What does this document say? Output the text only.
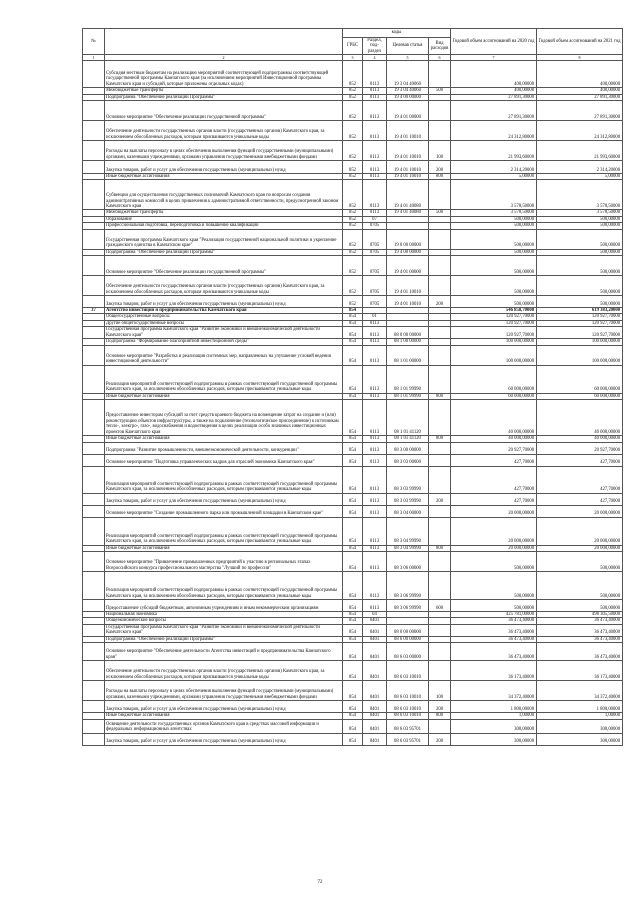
№		коды				Годовой объем ассигнований на 2020 год	Годовой объем ассигнований на 2021 год
		ГРБС	Раздел, под-раздел	Целевая статья	Вид расходов		
1	2	3	4	5	6	7	8
	Субсидия местным бюджетам на реализацию мероприятий соответствующей подпрограммы соответствующей государственной программы Камчатского края (за исключением мероприятий Инвестиционной программы Камчатского края и субсидий, которые приложены отдельных кодах)	852	0113	19 3 04 40060		400,00000	400,00000
	Межбюджетные трансферты	852	0113	19 3 04 40060	500	400,00000	400,00000
	Подпрограмма "Обеспечение реализации Программы"	852	0113	19 4 00 00000		27 891,30000	27 891,30000
	Основное мероприятие "Обеспечение реализации государственной программы"	852	0113	19 4 01 00000		27 891,30000	27 891,30000
	Обеспечение деятельности государственных органов власти (государственных органов) Камчатского края, за исключением обособленных расходов, которым присваиваются уникальные коды	852	0113	19 4 01 10010		24 312,80000	24 312,80000
	Расходы на выплаты персоналу в целях обеспечения выполнения функций государственными (муниципальными) органами, казенными учреждениями, органами управления государственными внебюджетными фондами	852	0113	19 4 01 10010	100	21 993,60000	21 993,60000
	Закупка товаров, работ и услуг для обеспечения государственных (муниципальных) нужд	852	0113	19 4 01 10010	200	2 314,20000	2 314,20000
	Иные бюджетные ассигнования	852	0113	19 4 01 10010	800	5,00000	5,00000
	Субвенции для осуществления государственных полномочий Камчатского края по вопросам создания административных комиссий в целях привлечения к административной ответственности, предусмотренной законом Камчатского края	852	0113	19 4 01 40080		3 578,50000	3 578,50000
	Межбюджетные трансферты	852	0113	19 4 01 40080	500	3 578,50000	3 578,50000
	Образование	852	07			500,00000	500,00000
	Профессиональная подготовка, переподготовка и повышение квалификации	852	0705			500,00000	500,00000
	Государственная программа Камчатского края "Реализация государственной национальной политики и укрепление гражданского единства в Камчатском крае"	852	0705	19 0 00 00000		500,00000	500,00000
	Подпрограмма "Обеспечение реализации Программы"	852	0705	19 4 00 00000		500,00000	500,00000
	Основное мероприятие "Обеспечение реализации государственной программы"	852	0705	19 4 01 00000		500,00000	500,00000
	Обеспечение деятельности государственных органов власти (государственных органов) Камчатского края, за исключением обособленных расходов, которым присваиваются уникальные коды	852	0705	19 4 01 10010		500,00000	500,00000
	Закупка товаров, работ и услуг для обеспечения государственных (муниципальных) нужд	852	0705	19 4 01 10010	200	500,00000	500,00000
37	Агентство инвестиций и предпринимательства Камчатского края	854				546 858,70000	619 383,20000
	Общегосударственные вопросы	854	01			120 927,70000	120 927,70000
	Другие общегосударственные вопросы	854	0113			120 927,70000	120 927,70000
	Государственная программа Камчатского края "Развитие экономики и внешнеэкономической деятельности Камчатского края"	854	0113	08 0 00 00000		120 927,70000	120 927,70000
	Подпрограмма "Формирование благоприятной инвестиционной среды"	854	0113	08 1 00 00000		100 000,00000	100 000,00000
	Основное мероприятие "Разработка и реализация системных мер, направленных на улучшение условий ведения инвестиционной деятельности"	854	0113	08 1 01 00000		100 000,00000	100 000,00000
	Реализация мероприятий соответствующей подпрограммы в рамках соответствующей государственной программы Камчатского края, за исключением обособленных расходов, которым присваиваются уникальные коды	854	0113	08 1 01 99990		60 000,00000	60 000,00000
	Иные бюджетные ассигнования	854	0113	08 1 01 99990	800	60 000,00000	60 000,00000
	Предоставление инвесторам субсидий за счет средств краевого бюджета на возмещение затрат на создание и (или) реконструкцию объектов инфраструктуры, а также на подключение (технологическое присоединение) к источникам тепло-, электро-, газо-, водоснабжения и водоотведения в целях реализации особо значимых инвестиционных проектов Камчатского края	854	0113	08 1 01 41120		40 000,00000	40 000,00000
	Иные бюджетные ассигнования	854	0113	08 1 01 41120	800	40 000,00000	40 000,00000
	Подпрограмма "Развитие промышленности, внешнеэкономической деятельности, конкуренции"	854	0113	08 3 00 00000		20 927,70000	20 927,70000
	Основное мероприятие "Подготовка управленческих кадров для отраслей экономики Камчатского края"	854	0113	08 3 03 00000		427,70000	427,70000
	Реализация мероприятий соответствующей подпрограммы в рамках соответствующей государственной программы Камчатского края, за исключением обособленных расходов, которым присваиваются уникальные коды	854	0113	08 3 03 99990		427,70000	427,70000
	Закупка товаров, работ и услуг для обеспечения государственных (муниципальных) нужд	854	0113	08 3 03 99990	200	427,70000	427,70000
	Основное мероприятие "Создание промышленного парка или промышленной площадки в Камчатском крае"	854	0113	08 3 04 00000		20 000,00000	20 000,00000
	Реализация мероприятий соответствующей подпрограммы в рамках соответствующей государственной программы Камчатского края, за исключением обособленных расходов, которым присваиваются уникальные коды	854	0113	08 3 04 99990		20 000,00000	20 000,00000
	Иные бюджетные ассигнования	854	0113	08 3 04 99990	800	20 000,00000	20 000,00000
	Основное мероприятие "Привлечение промышленных предприятий к участию в региональных этапах Всероссийского конкурса профессионального мастерства "Лучший по профессии"	854	0113	08 3 06 00000		500,00000	500,00000
	Реализация мероприятий соответствующей подпрограммы в рамках соответствующей государственной программы Камчатского края, за исключением обособленных расходов, которым присваиваются уникальные коды	854	0113	08 3 06 99990		500,00000	500,00000
	Предоставление субсидий бюджетным, автономным учреждениям и иным некоммерческим организациям	854	0113	08 3 06 99990	600	500,00000	500,00000
	Национальная экономика	854	04			425 781,00000	498 305,50000
	Общеэкономические вопросы	854	0401			36 473,40000	36 473,40000
	Государственная программа Камчатского края "Развитие экономики и внешнеэкономической деятельности Камчатского края"	854	0401	08 0 00 00000		36 473,40000	36 473,40000
	Подпрограмма "Обеспечение реализации Программы"	854	0401	08 6 00 00000		36 473,40000	36 473,40000
	Основное мероприятие "Обеспечение деятельности Агентства инвестиций и предпринимательства Камчатского края"	854	0401	08 6 03 00000		36 473,40000	36 473,40000
	Обеспечение деятельности государственных органов власти (государственных органов) Камчатского края, за исключением обособленных расходов, которым присваиваются уникальные коды	854	0401	08 6 03 10010		36 173,40000	36 173,40000
	Расходы на выплаты персоналу в целях обеспечения выполнения функций государственными (муниципальными) органами, казенными учреждениями, органами управления государственными внебюджетными фондами	854	0401	08 6 03 10010	100	34 372,40000	34 372,40000
	Закупка товаров, работ и услуг для обеспечения государственных (муниципальных) нужд	854	0401	08 6 03 10010	200	1 800,00000	1 800,00000
	Иные бюджетные ассигнования	854	0401	08 6 03 10010	800	1,00000	1,00000
	Освещение деятельности государственных органов Камчатского края в средствах массовой информации и федеральных информационных агентствах	854	0401	08 6 03 95701		300,00000	300,00000
	Закупка товаров, работ и услуг для обеспечения государственных (муниципальных) нужд	854	0401	08 6 03 95701	200	300,00000	300,00000
72
